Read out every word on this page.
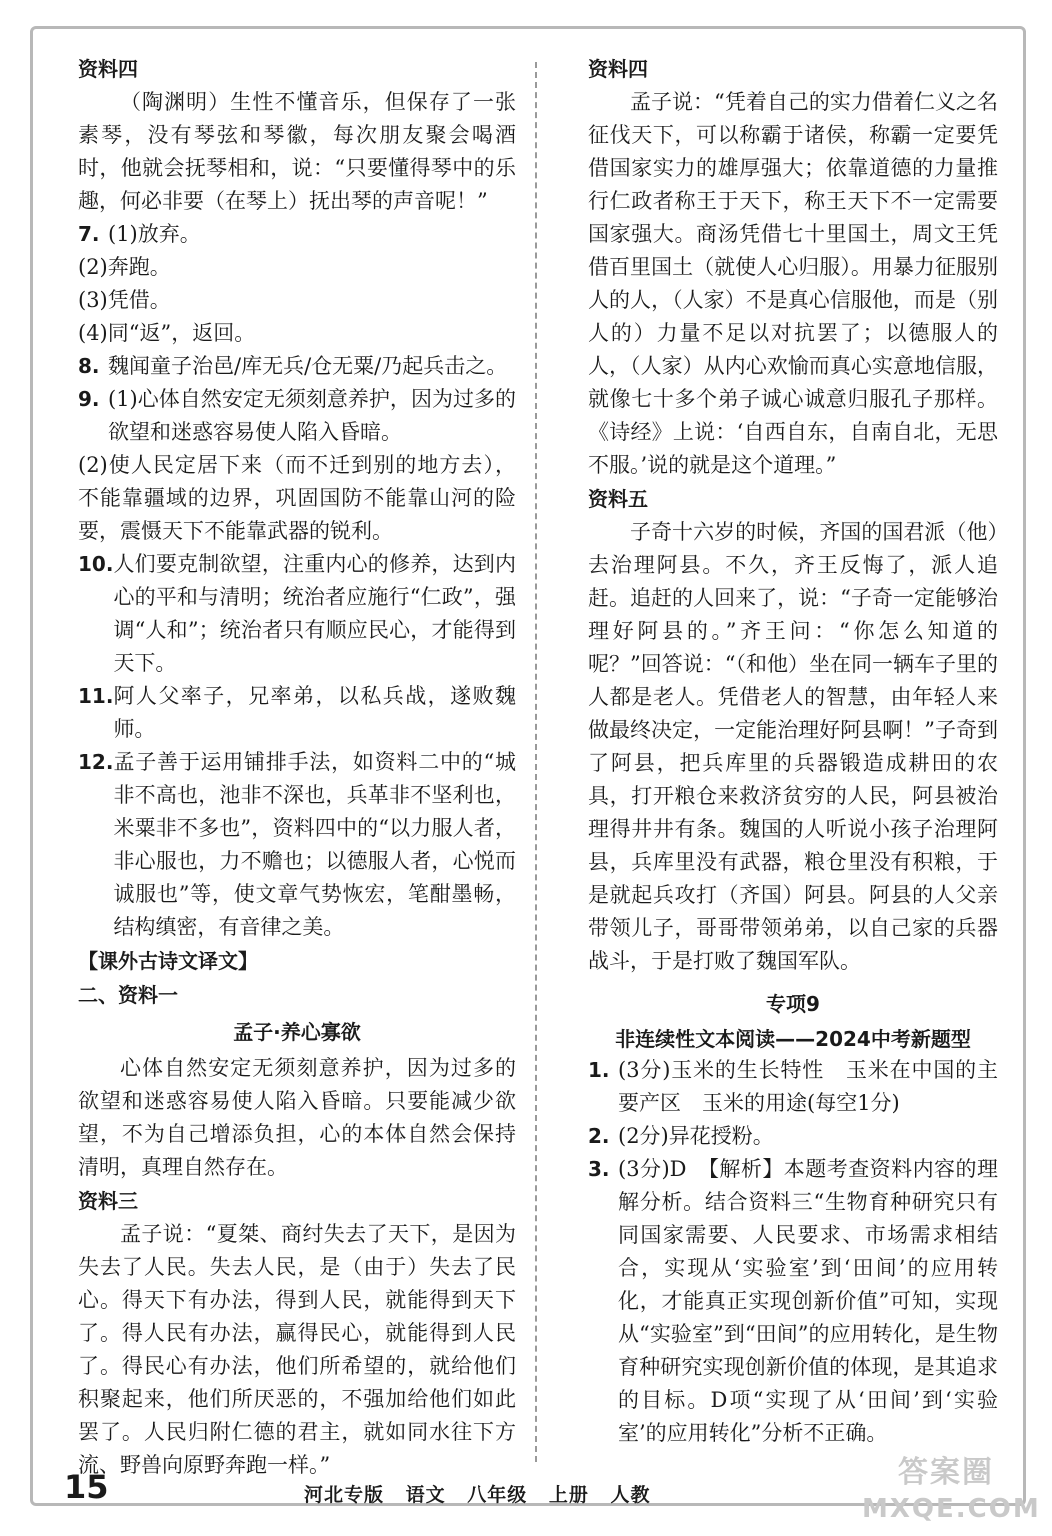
资料四

（陶渊明）生性不懂音乐，但保存了一张素琴，没有琴弦和琴徽，每次朋友聚会喝酒时，他就会抚琴相和，说：“只要懂得琴中的乐趣，何必非要（在琴上）抚出琴的声音呢！”

7. (1)放弃。

(2)奔跑。

(3)凭借。

(4)同“返”，返回。

8. 魏闻童子治邑/库无兵/仓无粟/乃起兵击之。

9. (1)心体自然安定无须刻意养护，因为过多的欲望和迷惑容易使人陷入昏暗。

(2)使人民定居下来（而不迁到别的地方去），不能靠疆域的边界，巩固国防不能靠山河的险要，震慑天下不能靠武器的锐利。

10. 人们要克制欲望，注重内心的修养，达到内心的平和与清明；统治者应施行“仁政”，强调“人和”；统治者只有顺应民心，才能得到天下。

11. 阿人父率子，兄率弟，以私兵战，遂败魏师。

12. 孟子善于运用铺排手法，如资料二中的“城非不高也，池非不深也，兵革非不坚利也，米粟非不多也”，资料四中的“以力服人者，非心服也，力不赡也；以德服人者，心悦而诚服也”等，使文章气势恢宏，笔酣墨畅，结构缜密，有音律之美。

【课外古诗文译文】

二、资料一

孟子·养心寡欲

心体自然安定无须刻意养护，因为过多的欲望和迷惑容易使人陷入昏暗。只要能减少欲望，不为自己增添负担，心的本体自然会保持清明，真理自然存在。

资料三

孟子说：“夏桀、商纣失去了天下，是因为失去了人民。失去人民，是（由于）失去了民心。得天下有办法，得到人民，就能得到天下了。得人民有办法，赢得民心，就能得到人民了。得民心有办法，他们所希望的，就给他们积聚起来，他们所厌恶的，不强加给他们如此罢了。人民归附仁德的君主，就如同水往下方流、野兽向原野奔跑一样。”

资料四

孟子说：“凭着自己的实力借着仁义之名征伐天下，可以称霸于诸侯，称霸一定要凭借国家实力的雄厚强大；依靠道德的力量推行仁政者称王于天下，称王天下不一定需要国家强大。商汤凭借七十里国土，周文王凭借百里国土（就使人心归服）。用暴力征服别人的人，（人家）不是真心信服他，而是（别人的）力量不足以对抗罢了；以德服人的人，（人家）从内心欢愉而真心实意地信服，就像七十多个弟子诚心诚意归服孔子那样。《诗经》上说：‘自西自东，自南自北，无思不服。’说的就是这个道理。”

资料五

子奇十六岁的时候，齐国的国君派（他）去治理阿县。不久，齐王反悔了，派人追赶。追赶的人回来了，说：“子奇一定能够治理好阿县的。”齐王问：“你怎么知道的呢？”回答说：“（和他）坐在同一辆车子里的人都是老人。凭借老人的智慧，由年轻人来做最终决定，一定能治理好阿县啊！”子奇到了阿县，把兵库里的兵器锻造成耕田的农具，打开粮仓来救济贫穷的人民，阿县被治理得井井有条。魏国的人听说小孩子治理阿县，兵库里没有武器，粮仓里没有积粮，于是就起兵攻打（齐国）阿县。阿县的人父亲带领儿子，哥哥带领弟弟，以自己家的兵器战斗，于是打败了魏国军队。

专项9

非连续性文本阅读——2024中考新题型

1. (3分)玉米的生长特性　玉米在中国的主要产区　玉米的用途(每空1分)

2. (2分)异花授粉。

3. (3分)D　【解析】本题考查资料内容的理解分析。结合资料三“生物育种研究只有同国家需要、人民要求、市场需求相结合，实现从‘实验室’到‘田间’的应用转化，才能真正实现创新价值”可知，实现从“实验室”到“田间”的应用转化，是生物育种研究实现创新价值的体现，是其追求的目标。D项“实现了从‘田间’到‘实验室’的应用转化”分析不正确。

15	河北专版 语文 八年级 上册 人教
答案圈
MXQE.COM
